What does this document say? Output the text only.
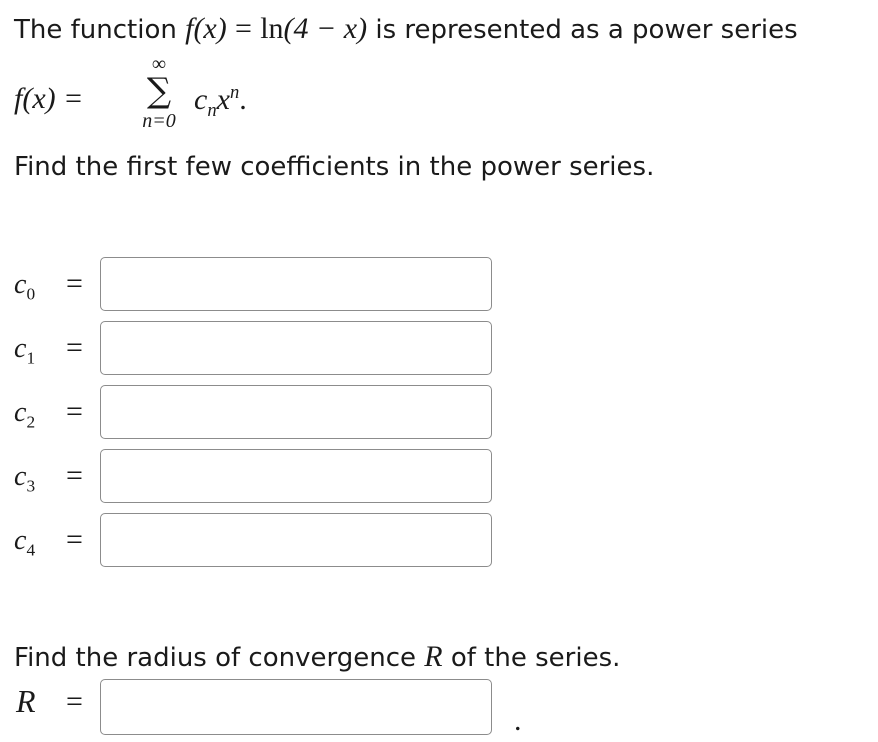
The function f(x) = ln(4 − x) is represented as a power series
f(x) =
∞
∑
n=0
$c_nx^n$.
Find the first few coefficients in the power series.
$c_0$ =
$c_1$ =
$c_2$ =
$c_3$ =
$c_4$ =
Find the radius of convergence R of the series.
R =
.
